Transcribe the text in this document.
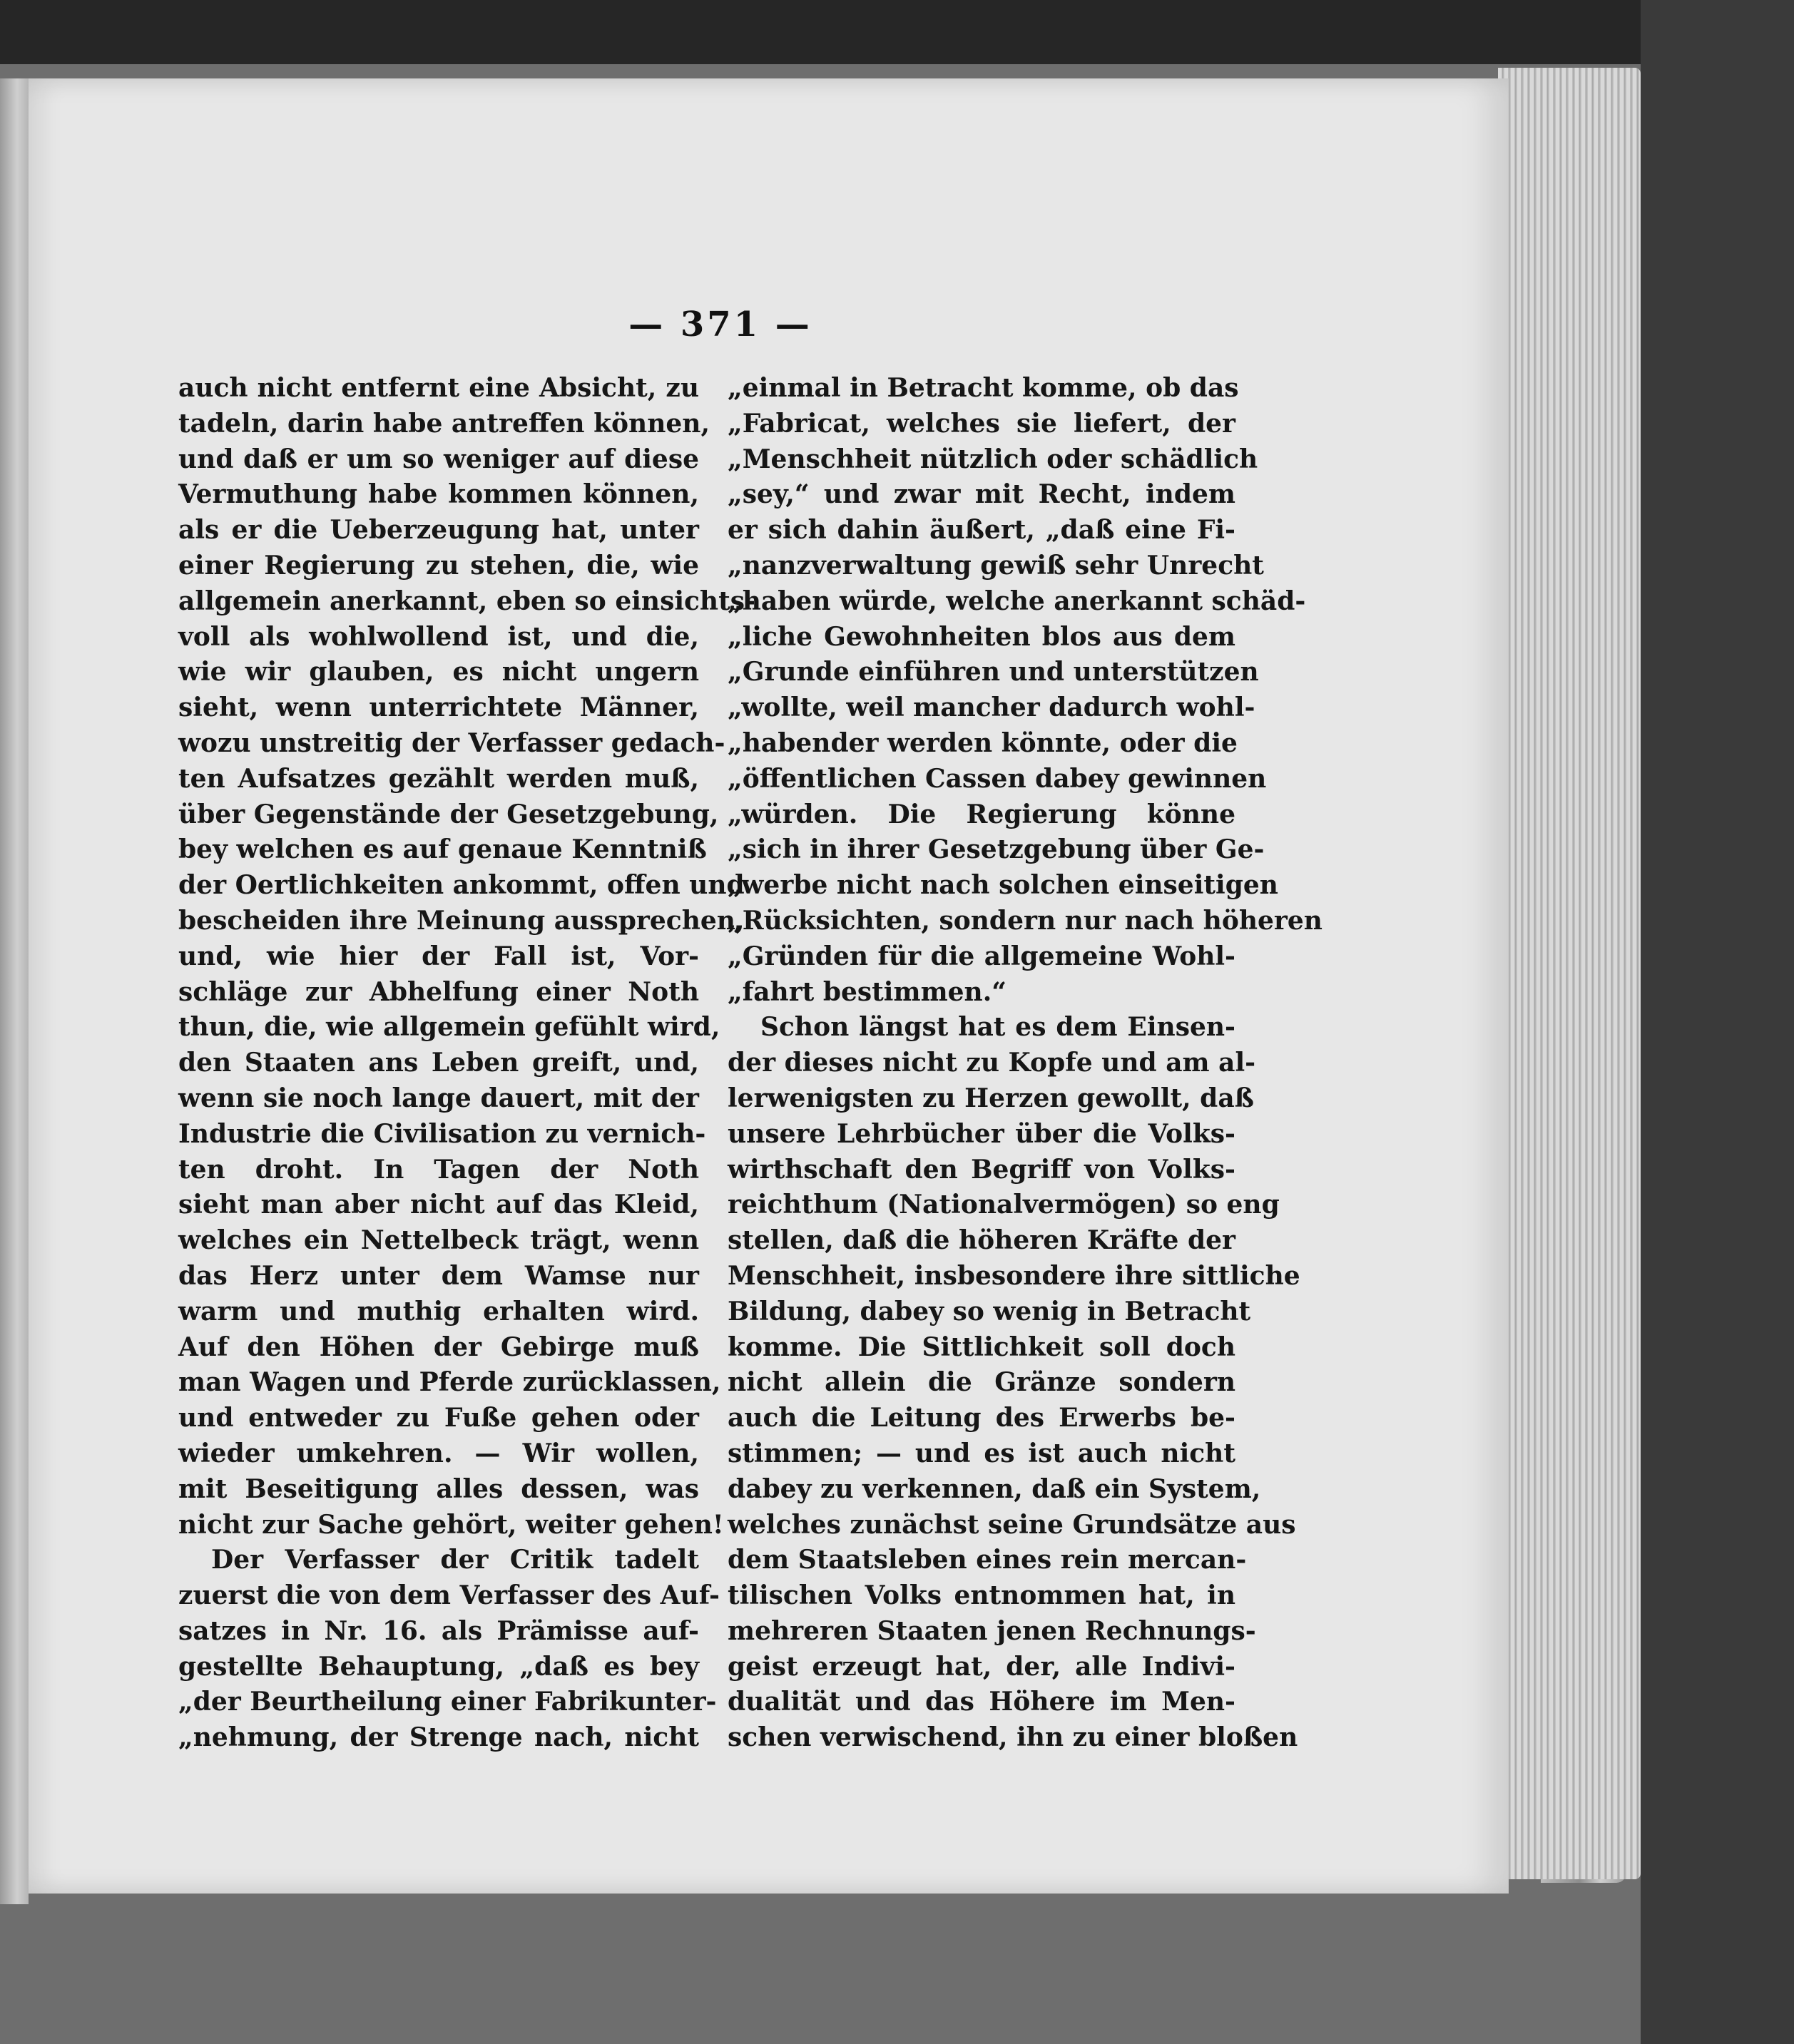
— 371 —
auch nicht entfernt eine Absicht, zu
tadeln, darin habe antreffen können,
und daß er um so weniger auf diese
Vermuthung habe kommen können,
als er die Ueberzeugung hat, unter
einer Regierung zu stehen, die, wie
allgemein anerkannt, eben so einsichts-
voll als wohlwollend ist, und die,
wie wir glauben, es nicht ungern
sieht, wenn unterrichtete Männer,
wozu unstreitig der Verfasser gedach-
ten Aufsatzes gezählt werden muß,
über Gegenstände der Gesetzgebung,
bey welchen es auf genaue Kenntniß
der Oertlichkeiten ankommt, offen und
bescheiden ihre Meinung aussprechen,
und, wie hier der Fall ist, Vor-
schläge zur Abhelfung einer Noth
thun, die, wie allgemein gefühlt wird,
den Staaten ans Leben greift, und,
wenn sie noch lange dauert, mit der
Industrie die Civilisation zu vernich-
ten droht. In Tagen der Noth
sieht man aber nicht auf das Kleid,
welches ein Nettelbeck trägt, wenn
das Herz unter dem Wamse nur
warm und muthig erhalten wird.
Auf den Höhen der Gebirge muß
man Wagen und Pferde zurücklassen,
und entweder zu Fuße gehen oder
wieder umkehren. — Wir wollen,
mit Beseitigung alles dessen, was
nicht zur Sache gehört, weiter gehen!
Der Verfasser der Critik tadelt
zuerst die von dem Verfasser des Auf-
satzes in Nr. 16. als Prämisse auf-
gestellte Behauptung, „daß es bey
„der Beurtheilung einer Fabrikunter-
„nehmung, der Strenge nach, nicht
„einmal in Betracht komme, ob das
„Fabricat, welches sie liefert, der
„Menschheit nützlich oder schädlich
„sey,“ und zwar mit Recht, indem
er sich dahin äußert, „daß eine Fi-
„nanzverwaltung gewiß sehr Unrecht
„haben würde, welche anerkannt schäd-
„liche Gewohnheiten blos aus dem
„Grunde einführen und unterstützen
„wollte, weil mancher dadurch wohl-
„habender werden könnte, oder die
„öffentlichen Cassen dabey gewinnen
„würden. Die Regierung könne
„sich in ihrer Gesetzgebung über Ge-
„werbe nicht nach solchen einseitigen
„Rücksichten, sondern nur nach höheren
„Gründen für die allgemeine Wohl-
„fahrt bestimmen.“
Schon längst hat es dem Einsen-
der dieses nicht zu Kopfe und am al-
lerwenigsten zu Herzen gewollt, daß
unsere Lehrbücher über die Volks-
wirthschaft den Begriff von Volks-
reichthum (Nationalvermögen) so eng
stellen, daß die höheren Kräfte der
Menschheit, insbesondere ihre sittliche
Bildung, dabey so wenig in Betracht
komme. Die Sittlichkeit soll doch
nicht allein die Gränze sondern
auch die Leitung des Erwerbs be-
stimmen; — und es ist auch nicht
dabey zu verkennen, daß ein System,
welches zunächst seine Grundsätze aus
dem Staatsleben eines rein mercan-
tilischen Volks entnommen hat, in
mehreren Staaten jenen Rechnungs-
geist erzeugt hat, der, alle Indivi-
dualität und das Höhere im Men-
schen verwischend, ihn zu einer bloßen
